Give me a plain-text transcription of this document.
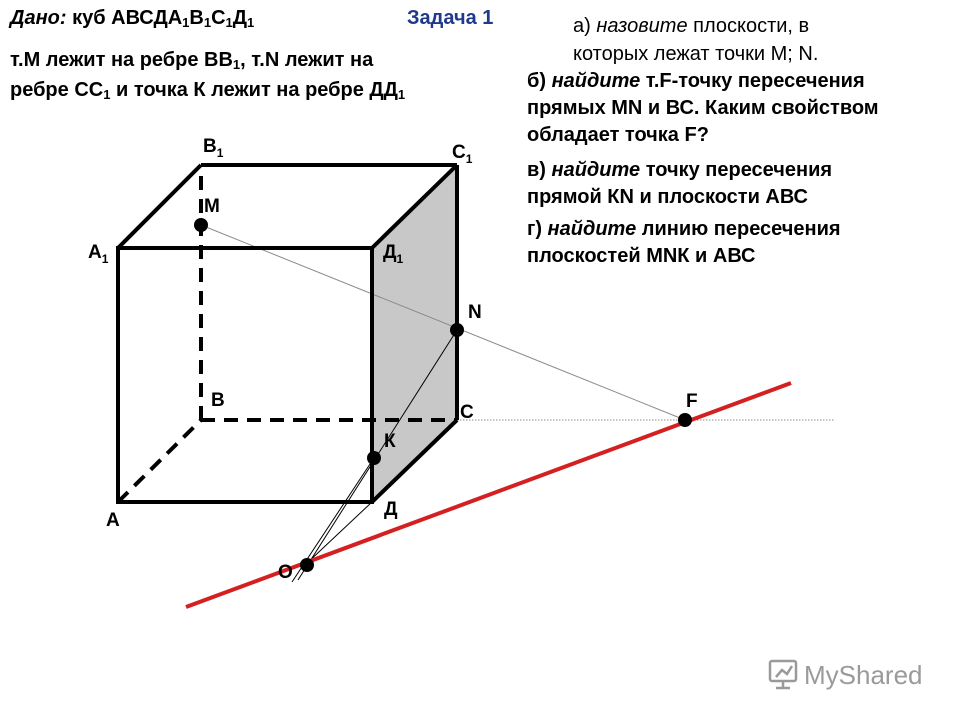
Дано: куб $АВСДА_1В_1С_1Д_1$	Задача 1
т.М лежит на ребре $ВВ_1$, т.N лежит на
ребре $СС_1$ и точка К лежит на ребре $ДД_1$
а) назовите плоскости, в
которых лежат точки М; N.
б) найдите т.F-точку пересечения
прямых MN и ВС. Каким свойством
обладает точка F?
в) найдите точку пересечения
прямой КN и плоскости АВС
г) найдите линию пересечения
плоскостей МNК и АВС
$В_1$	$С_1$
$А_1$	$Д_1$
М
N
В
С
F
К
А
Д
О
MyShared
